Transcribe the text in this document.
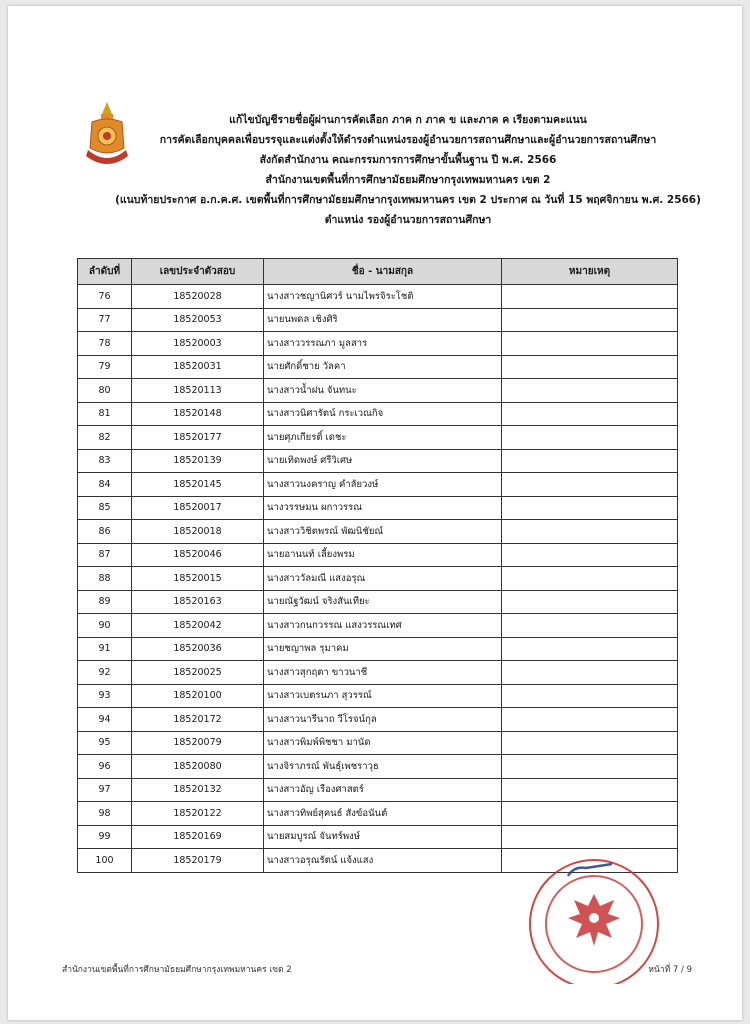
แก้ไขบัญชีรายชื่อผู้ผ่านการคัดเลือก ภาค ก ภาค ข และภาค ค เรียงตามคะแนน
การคัดเลือกบุคคลเพื่อบรรจุและแต่งตั้งให้ดำรงตำแหน่งรองผู้อำนวยการสถานศึกษาและผู้อำนวยการสถานศึกษา
สังกัดสำนักงาน คณะกรรมการการศึกษาขั้นพื้นฐาน ปี พ.ศ. 2566
สำนักงานเขตพื้นที่การศึกษามัธยมศึกษากรุงเทพมหานคร เขต 2
(แนบท้ายประกาศ อ.ก.ค.ศ. เขตพื้นที่การศึกษามัธยมศึกษากรุงเทพมหานคร เขต 2 ประกาศ ณ วันที่ 15 พฤศจิกายน พ.ศ. 2566)
ตำแหน่ง รองผู้อำนวยการสถานศึกษา
ลำดับที่	เลขประจำตัวสอบ	ชื่อ - นามสกุล	หมายเหตุ
76	18520028	นางสาวชญานิศวร์ นามไพรจิระโชติ	
77	18520053	นายนพดล เชิงศิริ	
78	18520003	นางสาววรรณภา มูลสาร	
79	18520031	นายศักดิ์ชาย วัลคา	
80	18520113	นางสาวน้ำฝน จันทนะ	
81	18520148	นางสาวนิศารัตน์ กระเวณกิจ	
82	18520177	นายศุภเกียรติ์ เดชะ	
83	18520139	นายเทิดพงษ์ ศรีวิเศษ	
84	18520145	นางสาวนงคราญ คำลัยวงษ์	
85	18520017	นางวรรษมน ผกาวรรณ	
86	18520018	นางสาววิชิตพรณ์ พัฒนิชัยณ์	
87	18520046	นายอานนท์ เลี้ยงพรม	
88	18520015	นางสาววัลมณี แสงอรุณ	
89	18520163	นายณัฐวัฒน์ จริงสันเทียะ	
90	18520042	นางสาวกนกวรรณ แสงวรรณเทศ	
91	18520036	นายชญาพล รุมาคม	
92	18520025	นางสาวสุกฤตา ขาวนาชี	
93	18520100	นางสาวเบตรนภา สุวรรณ์	
94	18520172	นางสาวนารีนาถ วีโรจน์กุล	
95	18520079	นางสาวพิมพ์พิชชา มานัด	
96	18520080	นางจิราภรณ์ พันธุ์เพชราวุธ	
97	18520132	นางสาวอัญ เรืองศาสตร์	
98	18520122	นางสาวทิพย์สุคนธ์ สังข์อนันต์	
99	18520169	นายสมบูรณ์ จันทร์พงษ์	
100	18520179	นางสาวอรุณรัตน์ แจ้งแสง	
สำนักงานเขตพื้นที่การศึกษามัธยมศึกษากรุงเทพมหานคร เขต 2	หน้าที่ 7 / 9
